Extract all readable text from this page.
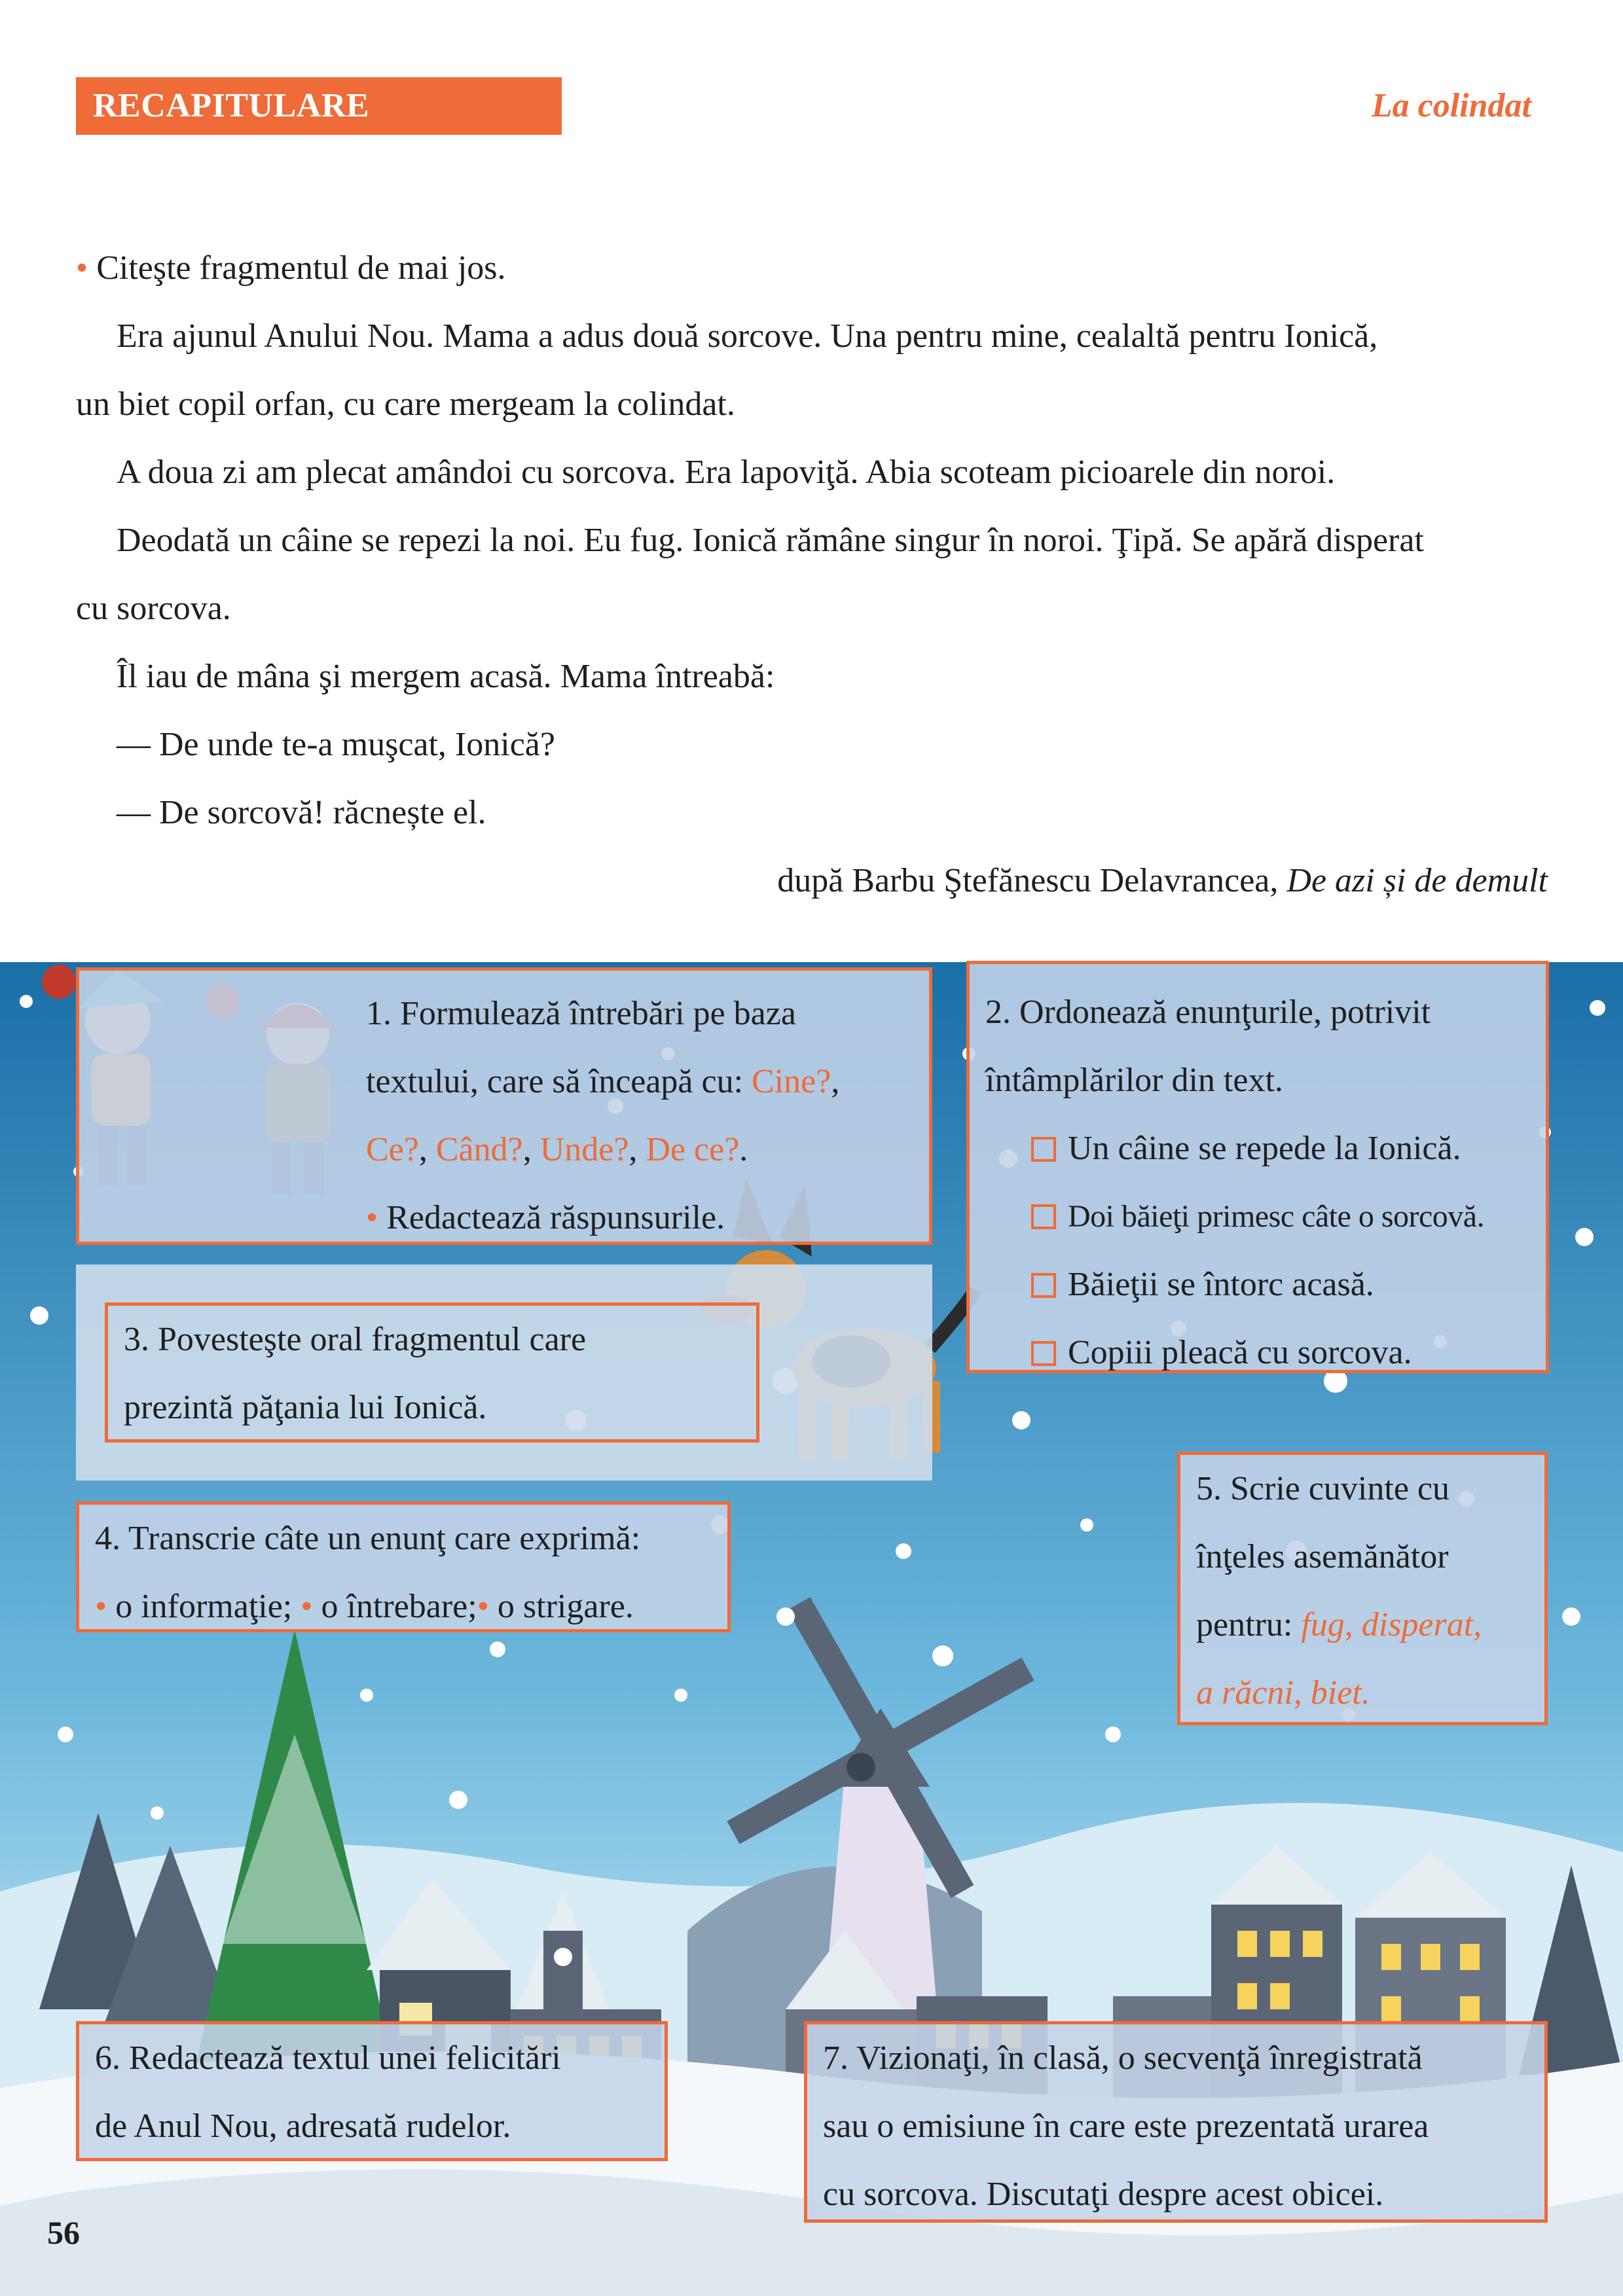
RECAPITULARE	La colindat

• Citeşte fragmentul de mai jos.

Era ajunul Anului Nou. Mama a adus două sorcove. Una pentru mine, cealaltă pentru Ionică,

un biet copil orfan, cu care mergeam la colindat.

A doua zi am plecat amândoi cu sorcova. Era lapoviţă. Abia scoteam picioarele din noroi.

Deodată un câine se repezi la noi. Eu fug. Ionică rămâne singur în noroi. Ţipă. Se apără disperat

cu sorcova.

Îl iau de mâna şi mergem acasă. Mama întreabă:

— De unde te-a muşcat, Ionică?

— De sorcovă! răcnește el.

după Barbu Ştefănescu Delavrancea, De azi și de demult

1. Formulează întrebări pe baza

textului, care să înceapă cu: Cine?,

Ce?, Când?, Unde?, De ce?.

• Redactează răspunsurile.

2. Ordonează enunţurile, potrivit

întâmplărilor din text.

Un câine se repede la Ionică.

Doi băieţi primesc câte o sorcovă.

Băieţii se întorc acasă.

Copiii pleacă cu sorcova.

3. Povesteşte oral fragmentul care

prezintă păţania lui Ionică.

4. Transcrie câte un enunţ care exprimă:

• o informaţie; • o întrebare;• o strigare.

5. Scrie cuvinte cu

înţeles asemănător

pentru: fug, disperat,

a răcni, biet.

6. Redactează textul unei felicitări

de Anul Nou, adresată rudelor.

7. Vizionaţi, în clasă, o secvenţă înregistrată

sau o emisiune în care este prezentată urarea

cu sorcova. Discutaţi despre acest obicei.

56
